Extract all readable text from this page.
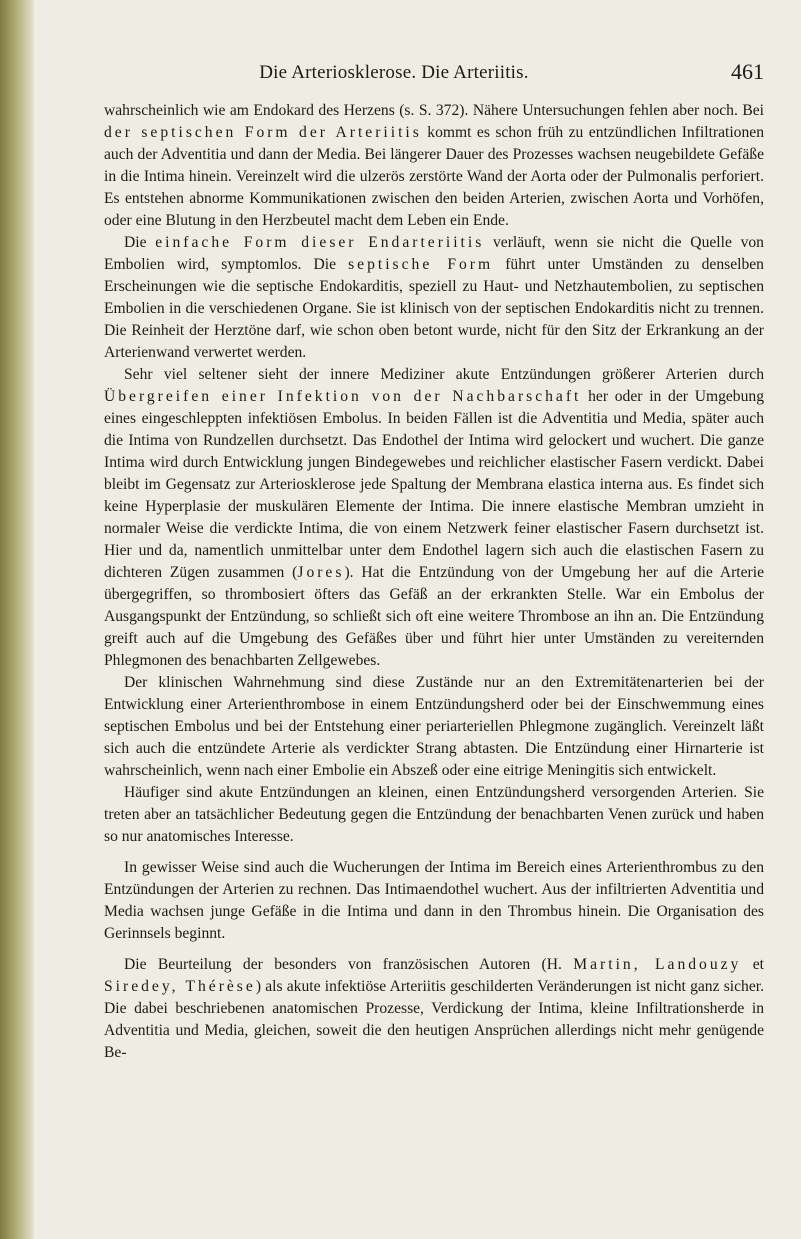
Die Arteriosklerose. Die Arteriitis.	461

wahrscheinlich wie am Endokard des Herzens (s. S. 372). Nähere Untersuchungen fehlen aber noch. Bei der septischen Form der Arteriitis kommt es schon früh zu entzündlichen Infiltrationen auch der Adventitia und dann der Media. Bei längerer Dauer des Prozesses wachsen neugebildete Gefäße in die Intima hinein. Vereinzelt wird die ulzerös zerstörte Wand der Aorta oder der Pulmonalis perforiert. Es entstehen abnorme Kommunikationen zwischen den beiden Arterien, zwischen Aorta und Vorhöfen, oder eine Blutung in den Herzbeutel macht dem Leben ein Ende.

Die einfache Form dieser Endarteriitis verläuft, wenn sie nicht die Quelle von Embolien wird, symptomlos. Die septische Form führt unter Umständen zu denselben Erscheinungen wie die septische Endokarditis, speziell zu Haut- und Netzhautembolien, zu septischen Embolien in die verschiedenen Organe. Sie ist klinisch von der septischen Endokarditis nicht zu trennen. Die Reinheit der Herztöne darf, wie schon oben betont wurde, nicht für den Sitz der Erkrankung an der Arterienwand verwertet werden.

Sehr viel seltener sieht der innere Mediziner akute Entzündungen größerer Arterien durch Übergreifen einer Infektion von der Nachbarschaft her oder in der Umgebung eines eingeschleppten infektiösen Embolus. In beiden Fällen ist die Adventitia und Media, später auch die Intima von Rundzellen durchsetzt. Das Endothel der Intima wird gelockert und wuchert. Die ganze Intima wird durch Entwicklung jungen Bindegewebes und reichlicher elastischer Fasern verdickt. Dabei bleibt im Gegensatz zur Arteriosklerose jede Spaltung der Membrana elastica interna aus. Es findet sich keine Hyperplasie der muskulären Elemente der Intima. Die innere elastische Membran umzieht in normaler Weise die verdickte Intima, die von einem Netzwerk feiner elastischer Fasern durchsetzt ist. Hier und da, namentlich unmittelbar unter dem Endothel lagern sich auch die elastischen Fasern zu dichteren Zügen zusammen (Jores). Hat die Entzündung von der Umgebung her auf die Arterie übergegriffen, so thrombosiert öfters das Gefäß an der erkrankten Stelle. War ein Embolus der Ausgangspunkt der Entzündung, so schließt sich oft eine weitere Thrombose an ihn an. Die Entzündung greift auch auf die Umgebung des Gefäßes über und führt hier unter Umständen zu vereiternden Phlegmonen des benachbarten Zellgewebes.

Der klinischen Wahrnehmung sind diese Zustände nur an den Extremitätenarterien bei der Entwicklung einer Arterienthrombose in einem Entzündungsherd oder bei der Einschwemmung eines septischen Embolus und bei der Entstehung einer periarteriellen Phlegmone zugänglich. Vereinzelt läßt sich auch die entzündete Arterie als verdickter Strang abtasten. Die Entzündung einer Hirnarterie ist wahrscheinlich, wenn nach einer Embolie ein Abszeß oder eine eitrige Meningitis sich entwickelt.

Häufiger sind akute Entzündungen an kleinen, einen Entzündungsherd versorgenden Arterien. Sie treten aber an tatsächlicher Bedeutung gegen die Entzündung der benachbarten Venen zurück und haben so nur anatomisches Interesse.

In gewisser Weise sind auch die Wucherungen der Intima im Bereich eines Arterienthrombus zu den Entzündungen der Arterien zu rechnen. Das Intimaendothel wuchert. Aus der infiltrierten Adventitia und Media wachsen junge Gefäße in die Intima und dann in den Thrombus hinein. Die Organisation des Gerinnsels beginnt.

Die Beurteilung der besonders von französischen Autoren (H. Martin, Landouzy et Siredey, Thérèse) als akute infektiöse Arteriitis geschilderten Veränderungen ist nicht ganz sicher. Die dabei beschriebenen anatomischen Prozesse, Verdickung der Intima, kleine Infiltrationsherde in Adventitia und Media, gleichen, soweit die den heutigen Ansprüchen allerdings nicht mehr genügende Be-
